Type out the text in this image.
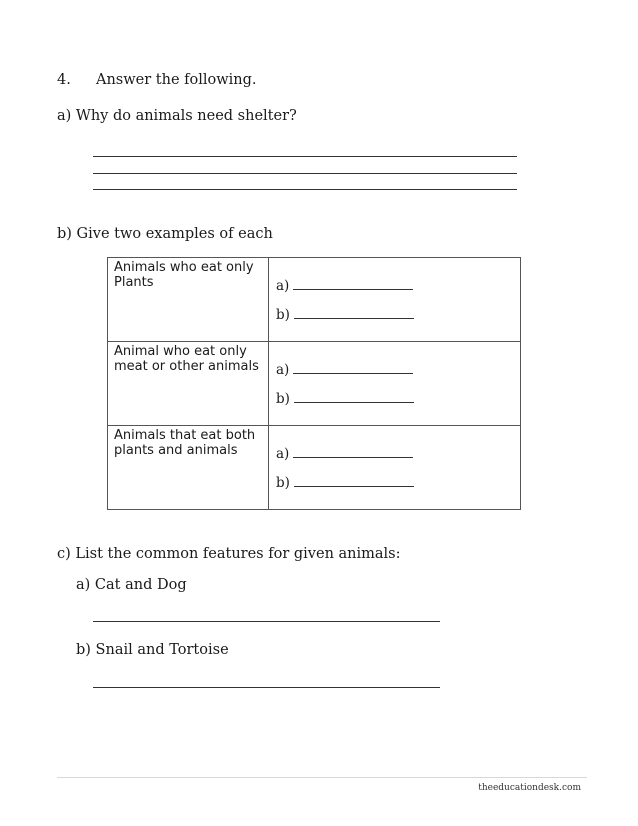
4. Answer the following.
a) Why do animals need shelter?
b) Give two examples of each
Animals who eat only Plants	a)
b)

Animal who eat only meat or other animals	a)
b)

Animals that eat both plants and animals	a)
b)
c) List the common features for given animals:
a) Cat and Dog
b) Snail and Tortoise
theeducationdesk.com
